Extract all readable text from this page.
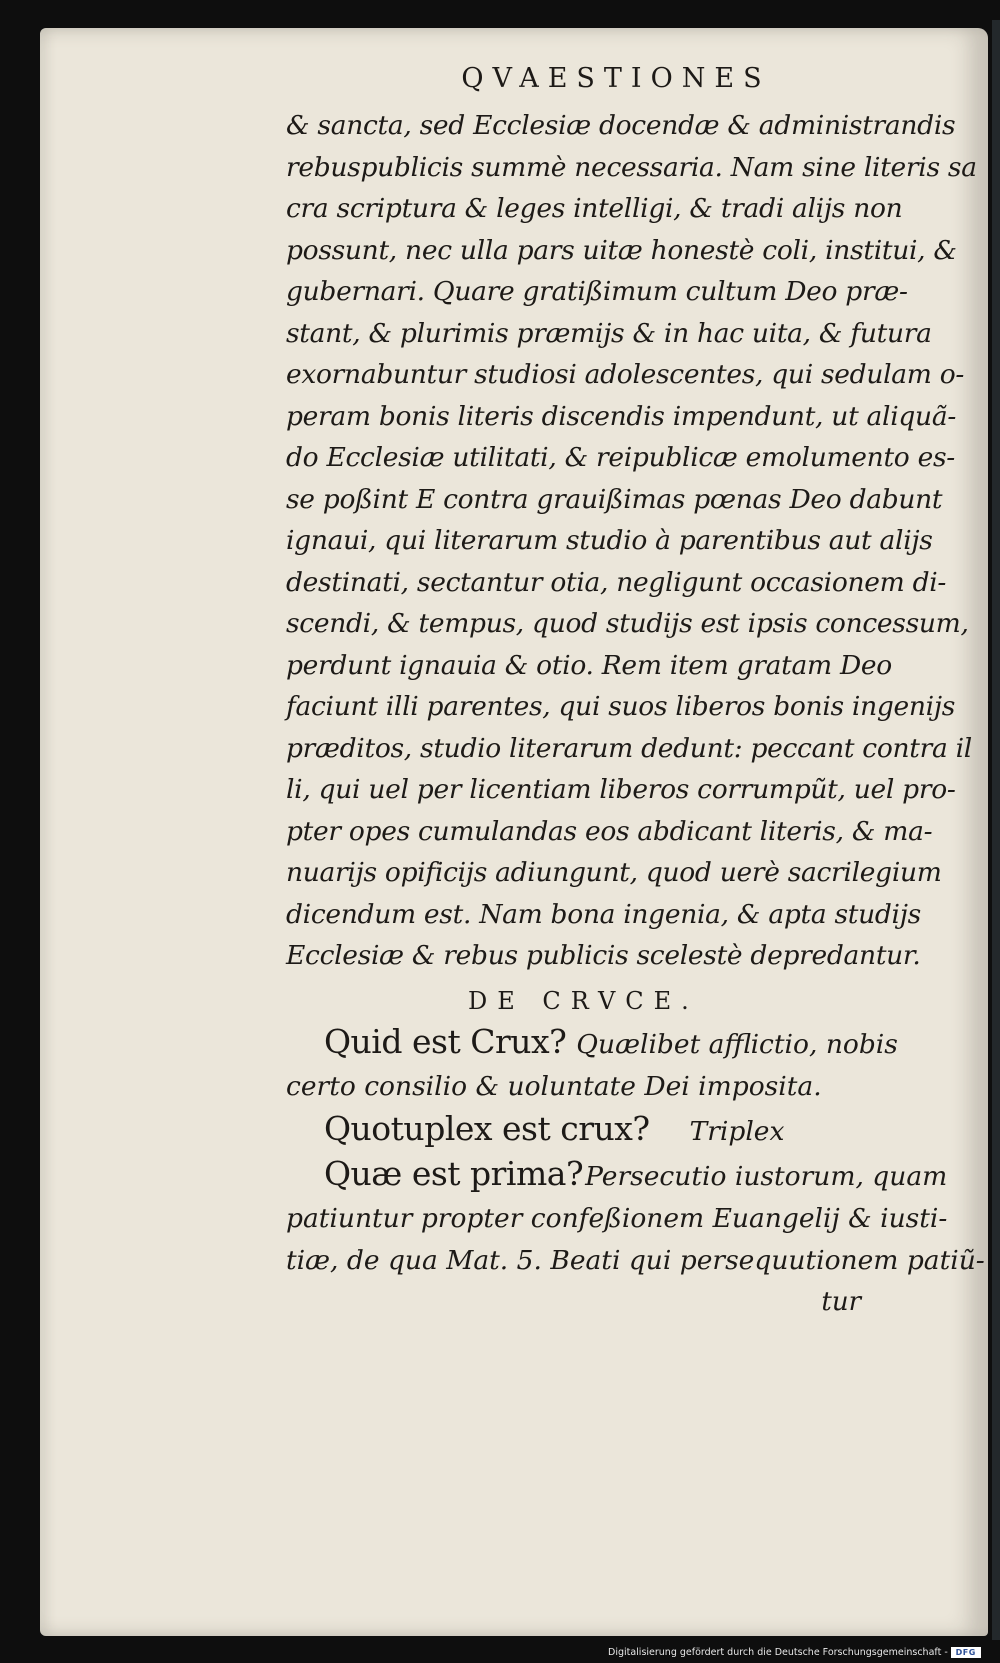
QVAESTIONES
& sancta, sed Ecclesiæ docendæ & administrandis
rebuspublicis summè necessaria. Nam sine literis sa
cra scriptura & leges intelligi, & tradi alijs non
possunt, nec ulla pars uitæ honestè coli, institui, &
gubernari. Quare gratißimum cultum Deo præ-
stant, & plurimis præmijs & in hac uita, & futura
exornabuntur studiosi adolescentes, qui sedulam o-
peram bonis literis discendis impendunt, ut aliquã-
do Ecclesiæ utilitati, & reipublicæ emolumento es-
se poßint E contra grauißimas pœnas Deo dabunt
ignaui, qui literarum studio à parentibus aut alijs
destinati, sectantur otia, negligunt occasionem di-
scendi, & tempus, quod studijs est ipsis concessum,
perdunt ignauia & otio. Rem item gratam Deo
faciunt illi parentes, qui suos liberos bonis ingenijs
præditos, studio literarum dedunt: peccant contra il
li, qui uel per licentiam liberos corrumpũt, uel pro-
pter opes cumulandas eos abdicant literis, & ma-
nuarijs opificijs adiungunt, quod uerè sacrilegium
dicendum est. Nam bona ingenia, & apta studijs
Ecclesiæ & rebus publicis scelestè depredantur.
DE CRVCE.
Quid est Crux? Quælibet afflictio, nobis
certo consilio & uoluntate Dei imposita.
Quotuplex est crux? Triplex
Quæ est prima?Persecutio iustorum, quam
patiuntur propter confeßionem Euangelij & iusti-
tiæ, de qua Mat. 5. Beati qui persequutionem patiũ-
tur
Digitalisierung gefördert durch die Deutsche Forschungsgemeinschaft - DFG
